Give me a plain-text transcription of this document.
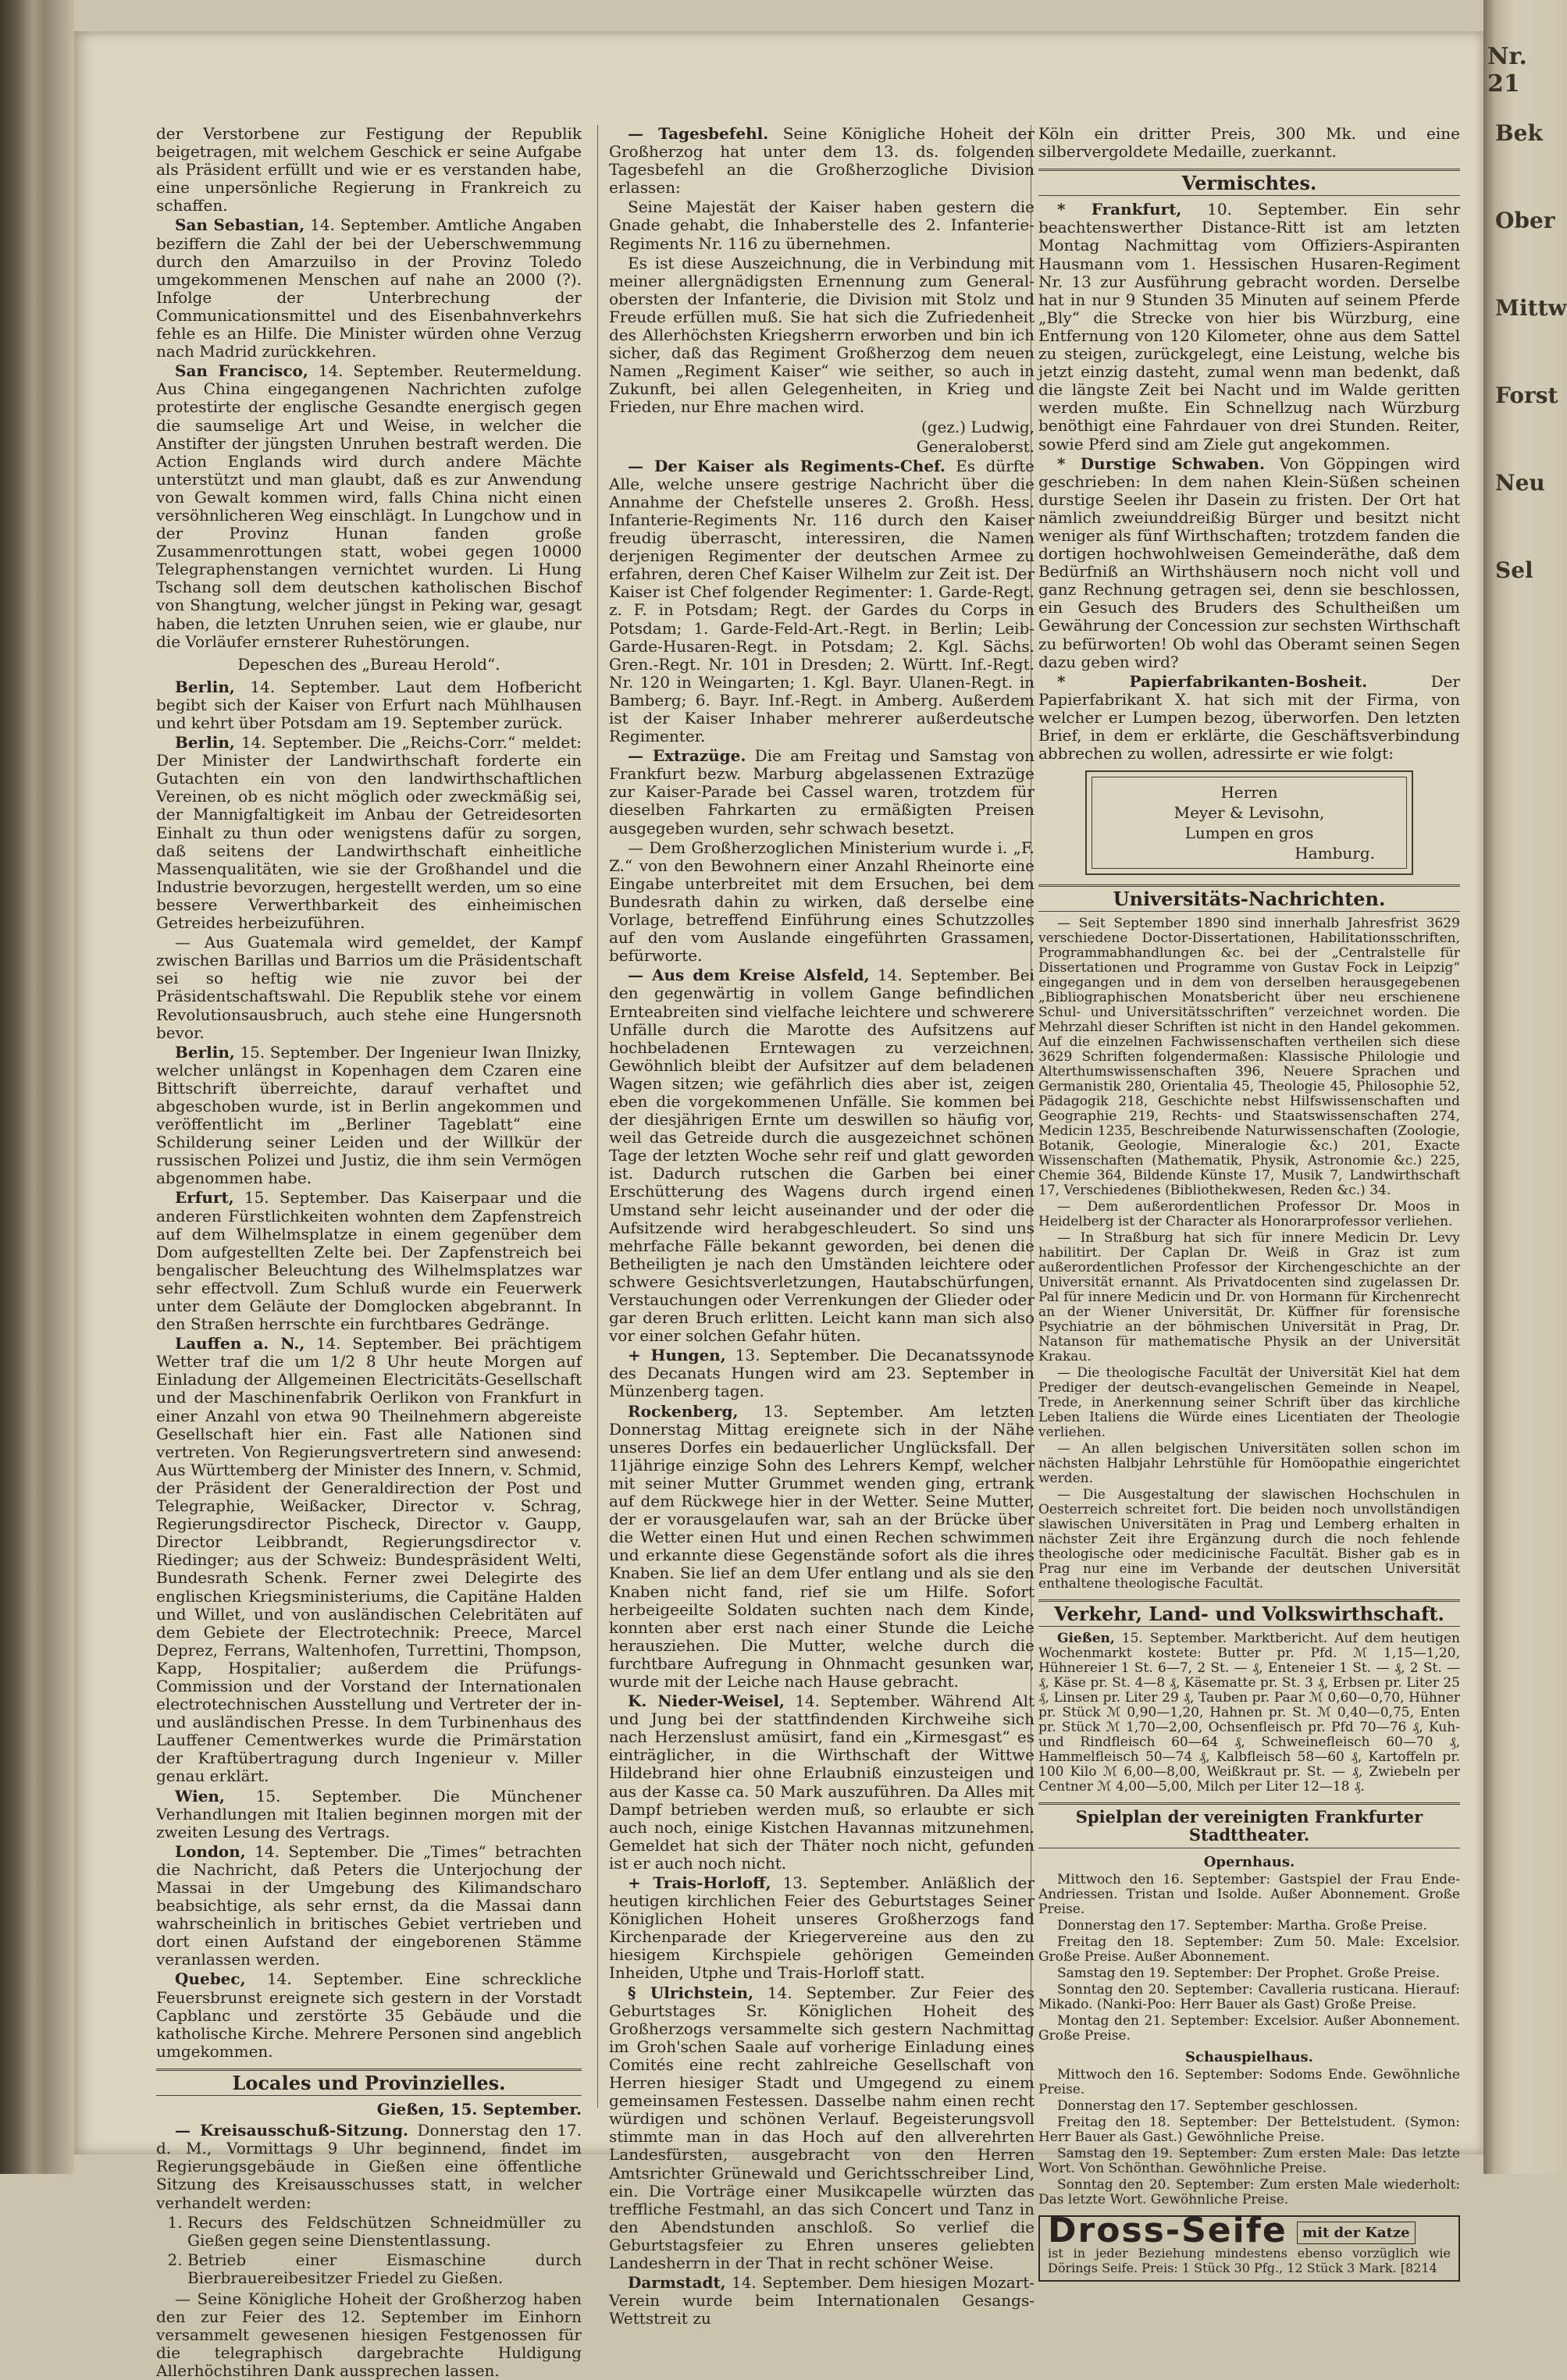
Nr. 21

der Verstorbene zur Festigung der Republik beigetragen, mit welchem Geschick er seine Aufgabe als Präsident erfüllt und wie er es verstanden habe, eine unpersönliche Regierung in Frankreich zu schaffen.

San Sebastian, 14. September. Amtliche Angaben beziffern die Zahl der bei der Ueberschwemmung durch den Amarzuilso in der Provinz Toledo umgekommenen Menschen auf nahe an 2000 (?). Infolge der Unterbrechung der Communicationsmittel und des Eisenbahnverkehrs fehle es an Hilfe. Die Minister würden ohne Verzug nach Madrid zurückkehren.

San Francisco, 14. September. Reutermeldung. Aus China eingegangenen Nachrichten zufolge protestirte der englische Gesandte energisch gegen die saumselige Art und Weise, in welcher die Anstifter der jüngsten Unruhen bestraft werden. Die Action Englands wird durch andere Mächte unterstützt und man glaubt, daß es zur Anwendung von Gewalt kommen wird, falls China nicht einen versöhnlicheren Weg einschlägt. In Lungchow und in der Provinz Hunan fanden große Zusammenrottungen statt, wobei gegen 10000 Telegraphenstangen vernichtet wurden. Li Hung Tschang soll dem deutschen katholischen Bischof von Shangtung, welcher jüngst in Peking war, gesagt haben, die letzten Unruhen seien, wie er glaube, nur die Vorläufer ernsterer Ruhestörungen.

Depeschen des „Bureau Herold“.

Berlin, 14. September. Laut dem Hofbericht begibt sich der Kaiser von Erfurt nach Mühlhausen und kehrt über Potsdam am 19. September zurück.

Berlin, 14. September. Die „Reichs-Corr.“ meldet: Der Minister der Landwirthschaft forderte ein Gutachten ein von den landwirthschaftlichen Vereinen, ob es nicht möglich oder zweckmäßig sei, der Mannigfaltigkeit im Anbau der Getreidesorten Einhalt zu thun oder wenigstens dafür zu sorgen, daß seitens der Landwirthschaft einheitliche Massenqualitäten, wie sie der Großhandel und die Industrie bevorzugen, hergestellt werden, um so eine bessere Verwerthbarkeit des einheimischen Getreides herbeizuführen.

— Aus Guatemala wird gemeldet, der Kampf zwischen Barillas und Barrios um die Präsidentschaft sei so heftig wie nie zuvor bei der Präsidentschaftswahl. Die Republik stehe vor einem Revolutionsausbruch, auch stehe eine Hungersnoth bevor.

Berlin, 15. September. Der Ingenieur Iwan Ilnizky, welcher unlängst in Kopenhagen dem Czaren eine Bittschrift überreichte, darauf verhaftet und abgeschoben wurde, ist in Berlin angekommen und veröffentlicht im „Berliner Tageblatt“ eine Schilderung seiner Leiden und der Willkür der russischen Polizei und Justiz, die ihm sein Vermögen abgenommen habe.

Erfurt, 15. September. Das Kaiserpaar und die anderen Fürstlichkeiten wohnten dem Zapfenstreich auf dem Wilhelmsplatze in einem gegenüber dem Dom aufgestellten Zelte bei. Der Zapfenstreich bei bengalischer Beleuchtung des Wilhelmsplatzes war sehr effectvoll. Zum Schluß wurde ein Feuerwerk unter dem Geläute der Domglocken abgebrannt. In den Straßen herrschte ein furchtbares Gedränge.

Lauffen a. N., 14. September. Bei prächtigem Wetter traf die um 1/2 8 Uhr heute Morgen auf Einladung der Allgemeinen Electricitäts-Gesellschaft und der Maschinenfabrik Oerlikon von Frankfurt in einer Anzahl von etwa 90 Theilnehmern abgereiste Gesellschaft hier ein. Fast alle Nationen sind vertreten. Von Regierungsvertretern sind anwesend: Aus Württemberg der Minister des Innern, v. Schmid, der Präsident der Generaldirection der Post und Telegraphie, Weißacker, Director v. Schrag, Regierungsdirector Pischeck, Director v. Gaupp, Director Leibbrandt, Regierungsdirector v. Riedinger; aus der Schweiz: Bundespräsident Welti, Bundesrath Schenk. Ferner zwei Delegirte des englischen Kriegsministeriums, die Capitäne Halden und Willet, und von ausländischen Celebritäten auf dem Gebiete der Electrotechnik: Preece, Marcel Deprez, Ferrans, Waltenhofen, Turrettini, Thompson, Kapp, Hospitalier; außerdem die Prüfungs-Commission und der Vorstand der Internationalen electrotechnischen Ausstellung und Vertreter der in- und ausländischen Presse. In dem Turbinenhaus des Lauffener Cementwerkes wurde die Primärstation der Kraftübertragung durch Ingenieur v. Miller genau erklärt.

Wien, 15. September. Die Münchener Verhandlungen mit Italien beginnen morgen mit der zweiten Lesung des Vertrags.

London, 14. September. Die „Times“ betrachten die Nachricht, daß Peters die Unterjochung der Massai in der Umgebung des Kilimandscharo beabsichtige, als sehr ernst, da die Massai dann wahrscheinlich in britisches Gebiet vertrieben und dort einen Aufstand der eingeborenen Stämme veranlassen werden.

Quebec, 14. September. Eine schreckliche Feuersbrunst ereignete sich gestern in der Vorstadt Capblanc und zerstörte 35 Gebäude und die katholische Kirche. Mehrere Personen sind angeblich umgekommen.

Locales und Provinzielles.
Gießen, 15. September.

— Kreisausschuß-Sitzung. Donnerstag den 17. d. M., Vormittags 9 Uhr beginnend, findet im Regierungsgebäude in Gießen eine öffentliche Sitzung des Kreisausschusses statt, in welcher verhandelt werden:

1. Recurs des Feldschützen Schneidmüller zu Gießen gegen seine Dienstentlassung.
2. Betrieb einer Eismaschine durch Bierbrauereibesitzer Friedel zu Gießen.

— Seine Königliche Hoheit der Großherzog haben den zur Feier des 12. September im Einhorn versammelt gewesenen hiesigen Festgenossen für die telegraphisch dargebrachte Huldigung Allerhöchstihren Dank aussprechen lassen.

— Tagesbefehl. Seine Königliche Hoheit der Großherzog hat unter dem 13. ds. folgenden Tagesbefehl an die Großherzogliche Division erlassen:

Seine Majestät der Kaiser haben gestern die Gnade gehabt, die Inhaberstelle des 2. Infanterie-Regiments Nr. 116 zu übernehmen.

Es ist diese Auszeichnung, die in Verbindung mit meiner allergnädigsten Ernennung zum General-obersten der Infanterie, die Division mit Stolz und Freude erfüllen muß. Sie hat sich die Zufriedenheit des Allerhöchsten Kriegsherrn erworben und bin ich sicher, daß das Regiment Großherzog dem neuen Namen „Regiment Kaiser“ wie seither, so auch in Zukunft, bei allen Gelegenheiten, in Krieg und Frieden, nur Ehre machen wird.

(gez.) Ludwig,

Generaloberst.

— Der Kaiser als Regiments-Chef. Es dürfte Alle, welche unsere gestrige Nachricht über die Annahme der Chefstelle unseres 2. Großh. Hess. Infanterie-Regiments Nr. 116 durch den Kaiser freudig überrascht, interessiren, die Namen derjenigen Regimenter der deutschen Armee zu erfahren, deren Chef Kaiser Wilhelm zur Zeit ist. Der Kaiser ist Chef folgender Regimenter: 1. Garde-Regt. z. F. in Potsdam; Regt. der Gardes du Corps in Potsdam; 1. Garde-Feld-Art.-Regt. in Berlin; Leib-Garde-Husaren-Regt. in Potsdam; 2. Kgl. Sächs. Gren.-Regt. Nr. 101 in Dresden; 2. Württ. Inf.-Regt. Nr. 120 in Weingarten; 1. Kgl. Bayr. Ulanen-Regt. in Bamberg; 6. Bayr. Inf.-Regt. in Amberg. Außerdem ist der Kaiser Inhaber mehrerer außerdeutsche Regimenter.

— Extrazüge. Die am Freitag und Samstag von Frankfurt bezw. Marburg abgelassenen Extrazüge zur Kaiser-Parade bei Cassel waren, trotzdem für dieselben Fahrkarten zu ermäßigten Preisen ausgegeben wurden, sehr schwach besetzt.

— Dem Großherzoglichen Ministerium wurde i. „F. Z.“ von den Bewohnern einer Anzahl Rheinorte eine Eingabe unterbreitet mit dem Ersuchen, bei dem Bundesrath dahin zu wirken, daß derselbe eine Vorlage, betreffend Einführung eines Schutzzolles auf den vom Auslande eingeführten Grassamen, befürworte.

— Aus dem Kreise Alsfeld, 14. September. Bei den gegenwärtig in vollem Gange befindlichen Ernteabreiten sind vielfache leichtere und schwerere Unfälle durch die Marotte des Aufsitzens auf hochbeladenen Erntewagen zu verzeichnen. Gewöhnlich bleibt der Aufsitzer auf dem beladenen Wagen sitzen; wie gefährlich dies aber ist, zeigen eben die vorgekommenen Unfälle. Sie kommen bei der diesjährigen Ernte um deswillen so häufig vor, weil das Getreide durch die ausgezeichnet schönen Tage der letzten Woche sehr reif und glatt geworden ist. Dadurch rutschen die Garben bei einer Erschütterung des Wagens durch irgend einen Umstand sehr leicht auseinander und der oder die Aufsitzende wird herabgeschleudert. So sind uns mehrfache Fälle bekannt geworden, bei denen die Betheiligten je nach den Umständen leichtere oder schwere Gesichtsverletzungen, Hautabschürfungen, Verstauchungen oder Verrenkungen der Glieder oder gar deren Bruch erlitten. Leicht kann man sich also vor einer solchen Gefahr hüten.

+ Hungen, 13. September. Die Decanatssynode des Decanats Hungen wird am 23. September in Münzenberg tagen.

Rockenberg, 13. September. Am letzten Donnerstag Mittag ereignete sich in der Nähe unseres Dorfes ein bedauerlicher Unglücksfall. Der 11jährige einzige Sohn des Lehrers Kempf, welcher mit seiner Mutter Grummet wenden ging, ertrank auf dem Rückwege hier in der Wetter. Seine Mutter, der er vorausgelaufen war, sah an der Brücke über die Wetter einen Hut und einen Rechen schwimmen und erkannte diese Gegenstände sofort als die ihres Knaben. Sie lief an dem Ufer entlang und als sie den Knaben nicht fand, rief sie um Hilfe. Sofort herbeigeeilte Soldaten suchten nach dem Kinde, konnten aber erst nach einer Stunde die Leiche herausziehen. Die Mutter, welche durch die furchtbare Aufregung in Ohnmacht gesunken war, wurde mit der Leiche nach Hause gebracht.

K. Nieder-Weisel, 14. September. Während Alt und Jung bei der stattfindenden Kirchweihe sich nach Herzenslust amüsirt, fand ein „Kirmesgast“ es einträglicher, in die Wirthschaft der Wittwe Hildebrand hier ohne Erlaubniß einzusteigen und aus der Kasse ca. 50 Mark auszuführen. Da Alles mit Dampf betrieben werden muß, so erlaubte er sich auch noch, einige Kistchen Havannas mitzunehmen. Gemeldet hat sich der Thäter noch nicht, gefunden ist er auch noch nicht.

+ Trais-Horloff, 13. September. Anläßlich der heutigen kirchlichen Feier des Geburtstages Seiner Königlichen Hoheit unseres Großherzogs fand Kirchenparade der Kriegervereine aus den zu hiesigem Kirchspiele gehörigen Gemeinden Inheiden, Utphe und Trais-Horloff statt.

§ Ulrichstein, 14. September. Zur Feier des Geburtstages Sr. Königlichen Hoheit des Großherzogs versammelte sich gestern Nachmittag im Groh'schen Saale auf vorherige Einladung eines Comités eine recht zahlreiche Gesellschaft von Herren hiesiger Stadt und Umgegend zu einem gemeinsamen Festessen. Dasselbe nahm einen recht würdigen und schönen Verlauf. Begeisterungsvoll stimmte man in das Hoch auf den allverehrten Landesfürsten, ausgebracht von den Herren Amtsrichter Grünewald und Gerichtsschreiber Lind, ein. Die Vorträge einer Musikcapelle würzten das treffliche Festmahl, an das sich Concert und Tanz in den Abendstunden anschloß. So verlief die Geburtstagsfeier zu Ehren unseres geliebten Landesherrn in der That in recht schöner Weise.

Darmstadt, 14. September. Dem hiesigen Mozart-Verein wurde beim Internationalen Gesangs-Wettstreit zu

Köln ein dritter Preis, 300 Mk. und eine silbervergoldete Medaille, zuerkannt.

Vermischtes.

* Frankfurt, 10. September. Ein sehr beachtenswerther Distance-Ritt ist am letzten Montag Nachmittag vom Offiziers-Aspiranten Hausmann vom 1. Hessischen Husaren-Regiment Nr. 13 zur Ausführung gebracht worden. Derselbe hat in nur 9 Stunden 35 Minuten auf seinem Pferde „Bly“ die Strecke von hier bis Würzburg, eine Entfernung von 120 Kilometer, ohne aus dem Sattel zu steigen, zurückgelegt, eine Leistung, welche bis jetzt einzig dasteht, zumal wenn man bedenkt, daß die längste Zeit bei Nacht und im Walde geritten werden mußte. Ein Schnellzug nach Würzburg benöthigt eine Fahrdauer von drei Stunden. Reiter, sowie Pferd sind am Ziele gut angekommen.

* Durstige Schwaben. Von Göppingen wird geschrieben: In dem nahen Klein-Süßen scheinen durstige Seelen ihr Dasein zu fristen. Der Ort hat nämlich zweiunddreißig Bürger und besitzt nicht weniger als fünf Wirthschaften; trotzdem fanden die dortigen hochwohlweisen Gemeinderäthe, daß dem Bedürfniß an Wirthshäusern noch nicht voll und ganz Rechnung getragen sei, denn sie beschlossen, ein Gesuch des Bruders des Schultheißen um Gewährung der Concession zur sechsten Wirthschaft zu befürworten! Ob wohl das Oberamt seinen Segen dazu geben wird?

* Papierfabrikanten-Bosheit.	Der Papierfabrikant X. hat sich mit der Firma, von welcher er Lumpen bezog, überworfen. Den letzten Brief, in dem er erklärte, die Geschäftsverbindung abbrechen zu wollen, adressirte er wie folgt:

Herren
Meyer & Levisohn,
Lumpen en gros
Hamburg.
Universitäts-Nachrichten.

— Seit September 1890 sind innerhalb Jahresfrist 3629 verschiedene Doctor-Dissertationen, Habilitationsschriften, Programmabhandlungen &c. bei der „Centralstelle für Dissertationen und Programme von Gustav Fock in Leipzig“ eingegangen und in dem von derselben herausgegebenen „Bibliographischen Monatsbericht über neu erschienene Schul- und Universitätsschriften“ verzeichnet worden. Die Mehrzahl dieser Schriften ist nicht in den Handel gekommen. Auf die einzelnen Fachwissenschaften vertheilen sich diese 3629 Schriften folgendermaßen: Klassische Philologie und Alterthumswissenschaften 396, Neuere Sprachen und Germanistik 280, Orientalia 45, Theologie 45, Philosophie 52, Pädagogik 218, Geschichte nebst Hilfswissenschaften und Geographie 219, Rechts- und Staatswissenschaften 274, Medicin 1235, Beschreibende Naturwissenschaften (Zoologie, Botanik, Geologie, Mineralogie &c.) 201, Exacte Wissenschaften (Mathematik, Physik, Astronomie &c.) 225, Chemie 364, Bildende Künste 17, Musik 7, Landwirthschaft 17, Verschiedenes (Bibliothekwesen, Reden &c.) 34.

— Dem außerordentlichen Professor Dr. Moos in Heidelberg ist der Character als Honorarprofessor verliehen.

— In Straßburg hat sich für innere Medicin Dr. Levy habilitirt. Der Caplan Dr. Weiß in Graz ist zum außerordentlichen Professor der Kirchengeschichte an der Universität ernannt. Als Privatdocenten sind zugelassen Dr. Pal für innere Medicin und Dr. von Hormann für Kirchenrecht an der Wiener Universität, Dr. Küffner für forensische Psychiatrie an der böhmischen Universität in Prag, Dr. Natanson für mathematische Physik an der Universität Krakau.

— Die theologische Facultät der Universität Kiel hat dem Prediger der deutsch-evangelischen Gemeinde in Neapel, Trede, in Anerkennung seiner Schrift über das kirchliche Leben Italiens die Würde eines Licentiaten der Theologie verliehen.

— An allen belgischen Universitäten sollen schon im nächsten Halbjahr Lehrstühle für Homöopathie eingerichtet werden.

— Die Ausgestaltung der slawischen Hochschulen in Oesterreich schreitet fort. Die beiden noch unvollständigen slawischen Universitäten in Prag und Lemberg erhalten in nächster Zeit ihre Ergänzung durch die noch fehlende theologische oder medicinische Facultät. Bisher gab es in Prag nur eine im Verbande der deutschen Universität enthaltene theologische Facultät.

Verkehr, Land- und Volkswirthschaft.

Gießen, 15. September. Marktbericht. Auf dem heutigen Wochenmarkt kostete: Butter pr. Pfd. ℳ 1,15—1,20, Hühnereier 1 St. 6—7, 2 St. — ₰, Enteneier 1 St. — ₰, 2 St. — ₰, Käse pr. St. 4—8 ₰, Käsematte pr. St. 3 ₰, Erbsen pr. Liter 25 ₰, Linsen pr. Liter 29 ₰, Tauben pr. Paar ℳ 0,60—0,70, Hühner pr. Stück ℳ 0,90—1,20, Hahnen pr. St. ℳ 0,40—0,75, Enten pr. Stück ℳ 1,70—2,00, Ochsenfleisch pr. Pfd 70—76 ₰, Kuh- und Rindfleisch 60—64 ₰, Schweinefleisch 60—70 ₰, Hammelfleisch 50—74 ₰, Kalbfleisch 58—60 ₰, Kartoffeln pr. 100 Kilo ℳ 6,00—8,00, Weißkraut pr. St. — ₰, Zwiebeln per Centner ℳ 4,00—5,00, Milch per Liter 12—18 ₰.

Spielplan der vereinigten Frankfurter Stadttheater.
Opernhaus.

Mittwoch den 16. September: Gastspiel der Frau Ende-Andriessen. Tristan und Isolde. Außer Abonnement. Große Preise.

Donnerstag den 17. September: Martha. Große Preise.

Freitag den 18. September: Zum 50. Male: Excelsior. Große Preise. Außer Abonnement.

Samstag den 19. September: Der Prophet. Große Preise.

Sonntag den 20. September: Cavalleria rusticana. Hierauf: Mikado. (Nanki-Poo: Herr Bauer als Gast) Große Preise.

Montag den 21. September: Excelsior. Außer Abonnement. Große Preise.

Schauspielhaus.

Mittwoch den 16. September: Sodoms Ende. Gewöhnliche Preise.

Donnerstag den 17. September geschlossen.

Freitag den 18. September: Der Bettelstudent. (Symon: Herr Bauer als Gast.) Gewöhnliche Preise.

Samstag den 19. September: Zum ersten Male: Das letzte Wort. Von Schönthan. Gewöhnliche Preise.

Sonntag den 20. September: Zum ersten Male wiederholt: Das letzte Wort. Gewöhnliche Preise.

Dross-Seife mit der Katze
ist in jeder Beziehung mindestens ebenso vorzüglich wie Dörings Seife. Preis: 1 Stück 30 Pfg., 12 Stück 3 Mark. [8214
Bek
Ober
Mittw
Forst
Neu
Sel
